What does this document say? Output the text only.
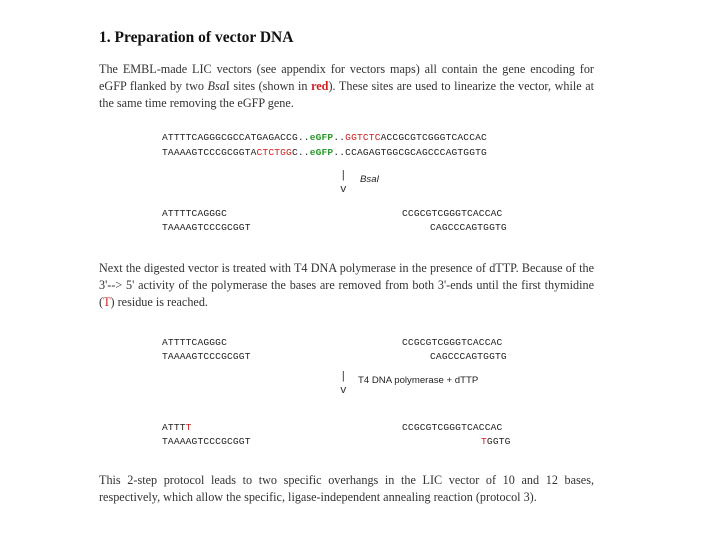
1. Preparation of vector DNA
The EMBL-made LIC vectors (see appendix for vectors maps) all contain the gene encoding for eGFP flanked by two BsaI sites (shown in red). These sites are used to linearize the vector, while at the same time removing the eGFP gene.
ATTTTCAGGGCGCCATGAGACCG..eGFP..GGTCTCACCGCGTCGGGTCACCAC
TAAAAGTCCCGCGGTACTCTGGC..eGFP..CCAGAGTGGCGCAGCCCAGTGGTG
|
v
BsaI
ATTTTCAGGGC
TAAAAGTCCCGCGGT
CCGCGTCGGGTCACCAC
CAGCCCAGTGGTG
Next the digested vector is treated with T4 DNA polymerase in the presence of dTTP. Because of the 3'--> 5' activity of the polymerase the bases are removed from both 3'-ends until the first thymidine (T) residue is reached.
ATTTTCAGGGC
TAAAAGTCCCGCGGT
CCGCGTCGGGTCACCAC
CAGCCCAGTGGTG
|
v
T4 DNA polymerase + dTTP
ATTTT
TAAAAGTCCCGCGGT
CCGCGTCGGGTCACCAC
TGGTG
This 2-step protocol leads to two specific overhangs in the LIC vector of 10 and 12 bases, respectively, which allow the specific, ligase-independent annealing reaction (protocol 3).
